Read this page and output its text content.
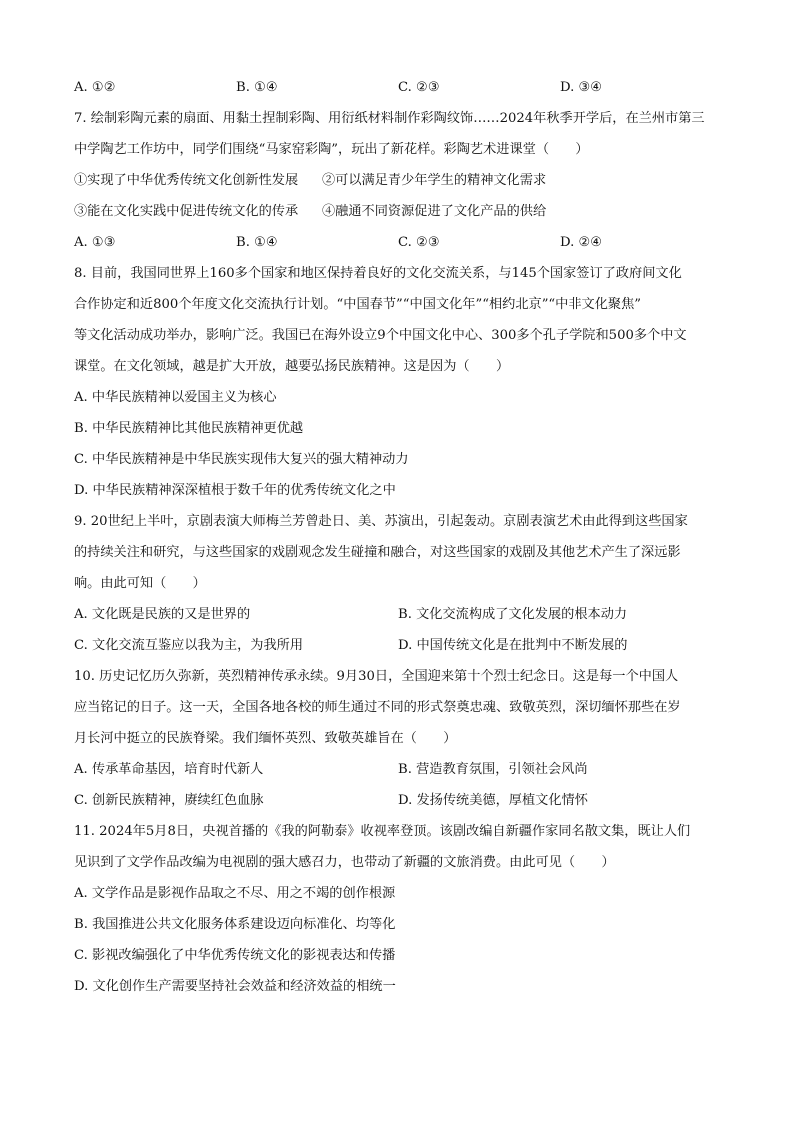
A. ①②	B. ①④	C. ②③	D. ③④
7. 绘制彩陶元素的扇面、用黏土捏制彩陶、用衍纸材料制作彩陶纹饰……2024年秋季开学后，在兰州市第三
中学陶艺工作坊中，同学们围绕“马家窑彩陶”，玩出了新花样。彩陶艺术进课堂（　　）
①实现了中华优秀传统文化创新性发展	②可以满足青少年学生的精神文化需求
③能在文化实践中促进传统文化的传承	④融通不同资源促进了文化产品的供给
A. ①③	B. ①④	C. ②③	D. ②④
8. 目前，我国同世界上160多个国家和地区保持着良好的文化交流关系，与145个国家签订了政府间文化
合作协定和近800个年度文化交流执行计划。“中国春节”“中国文化年”“相约北京”“中非文化聚焦”
等文化活动成功举办，影响广泛。我国已在海外设立9个中国文化中心、300多个孔子学院和500多个中文
课堂。在文化领域，越是扩大开放，越要弘扬民族精神。这是因为（　　）
A. 中华民族精神以爱国主义为核心
B. 中华民族精神比其他民族精神更优越
C. 中华民族精神是中华民族实现伟大复兴的强大精神动力
D. 中华民族精神深深植根于数千年的优秀传统文化之中
9. 20世纪上半叶，京剧表演大师梅兰芳曾赴日、美、苏演出，引起轰动。京剧表演艺术由此得到这些国家
的持续关注和研究，与这些国家的戏剧观念发生碰撞和融合，对这些国家的戏剧及其他艺术产生了深远影
响。由此可知（　　）
A. 文化既是民族的又是世界的	B. 文化交流构成了文化发展的根本动力
C. 文化交流互鉴应以我为主，为我所用	D. 中国传统文化是在批判中不断发展的
10. 历史记忆历久弥新，英烈精神传承永续。9月30日，全国迎来第十个烈士纪念日。这是每一个中国人
应当铭记的日子。这一天，全国各地各校的师生通过不同的形式祭奠忠魂、致敬英烈，深切缅怀那些在岁
月长河中挺立的民族脊梁。我们缅怀英烈、致敬英雄旨在（　　）
A. 传承革命基因，培育时代新人	B. 营造教育氛围，引领社会风尚
C. 创新民族精神，赓续红色血脉	D. 发扬传统美德，厚植文化情怀
11. 2024年5月8日，央视首播的《我的阿勒泰》收视率登顶。该剧改编自新疆作家同名散文集，既让人们
见识到了文学作品改编为电视剧的强大感召力，也带动了新疆的文旅消费。由此可见（　　）
A. 文学作品是影视作品取之不尽、用之不竭的创作根源
B. 我国推进公共文化服务体系建设迈向标准化、均等化
C. 影视改编强化了中华优秀传统文化的影视表达和传播
D. 文化创作生产需要坚持社会效益和经济效益的相统一
